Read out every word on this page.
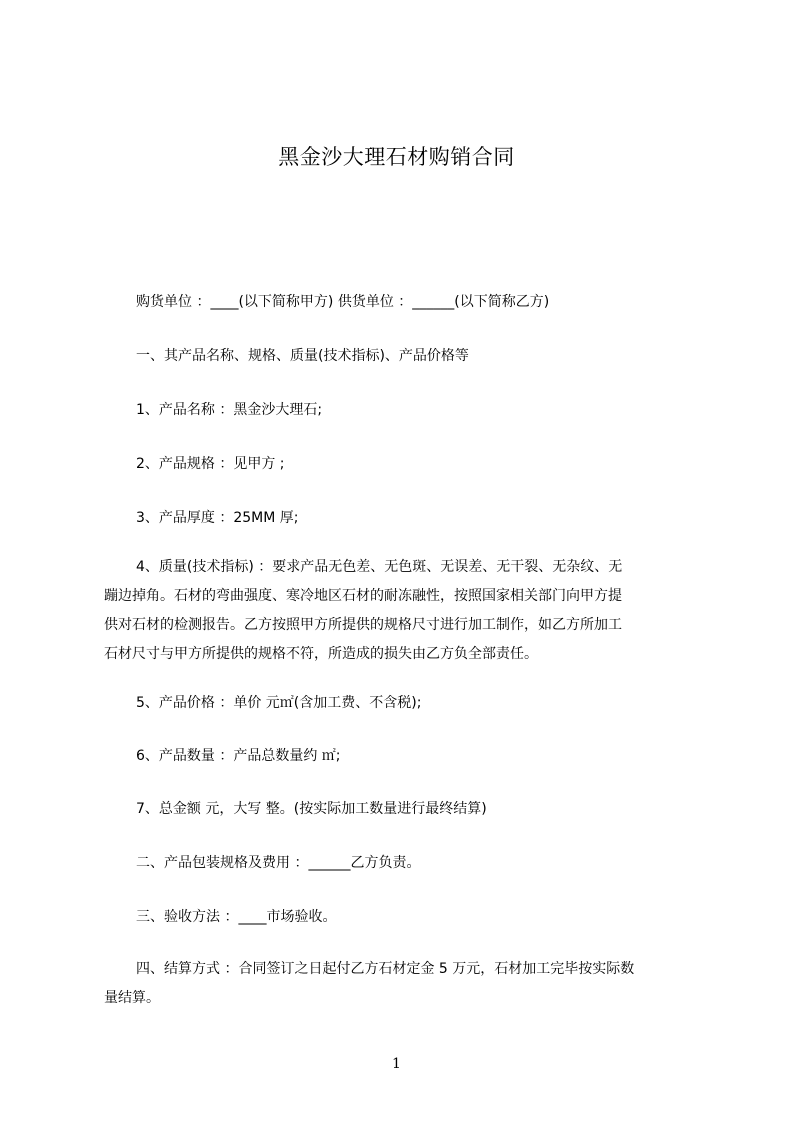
黑金沙大理石材购销合同
购货单位 ：____(以下简称甲方) 供货单位 ：______(以下简称乙方)
一、其产品名称、规格、质量(技术指标)、产品价格等
1、产品名称 ：黑金沙大理石;
2、产品规格 ：见甲方 ;
3、产品厚度 ：25MM 厚;
4、质量(技术指标) ：要求产品无色差、无色斑、无误差、无干裂、无杂纹、无
蹦边掉角。石材的弯曲强度、寒冷地区石材的耐冻融性，按照国家相关部门向甲方提
供对石材的检测报告。乙方按照甲方所提供的规格尺寸进行加工制作，如乙方所加工
石材尺寸与甲方所提供的规格不符，所造成的损失由乙方负全部责任。
5、产品价格 ：单价 元㎡(含加工费、不含税);
6、产品数量 ：产品总数量约 ㎡;
7、总金额 元，大写 整。(按实际加工数量进行最终结算)
二、产品包装规格及费用 ：______乙方负责。
三、验收方法 ：____市场验收。
四、结算方式 ：合同签订之日起付乙方石材定金 5 万元，石材加工完毕按实际数
量结算。
1
